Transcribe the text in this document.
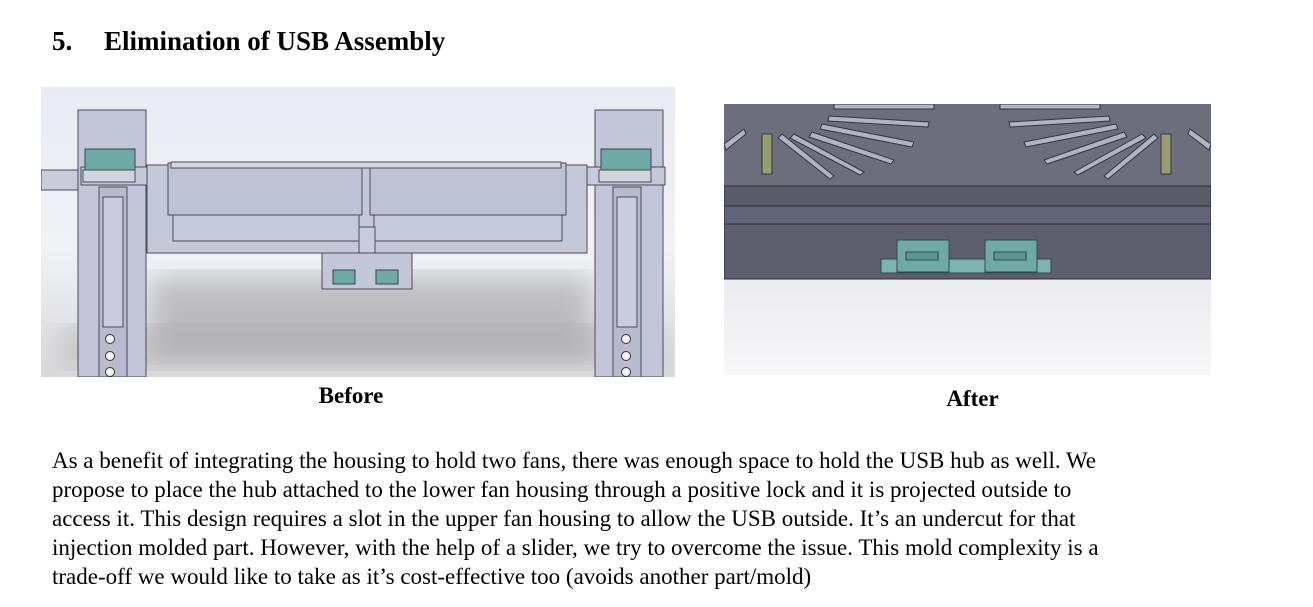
5. Elimination of USB Assembly
Before	After

As a benefit of integrating the housing to hold two fans, there was enough space to hold the USB hub as well. We
propose to place the hub attached to the lower fan housing through a positive lock and it is projected outside to
access it. This design requires a slot in the upper fan housing to allow the USB outside. It’s an undercut for that
injection molded part. However, with the help of a slider, we try to overcome the issue. This mold complexity is a
trade-off we would like to take as it’s cost-effective too (avoids another part/mold)
